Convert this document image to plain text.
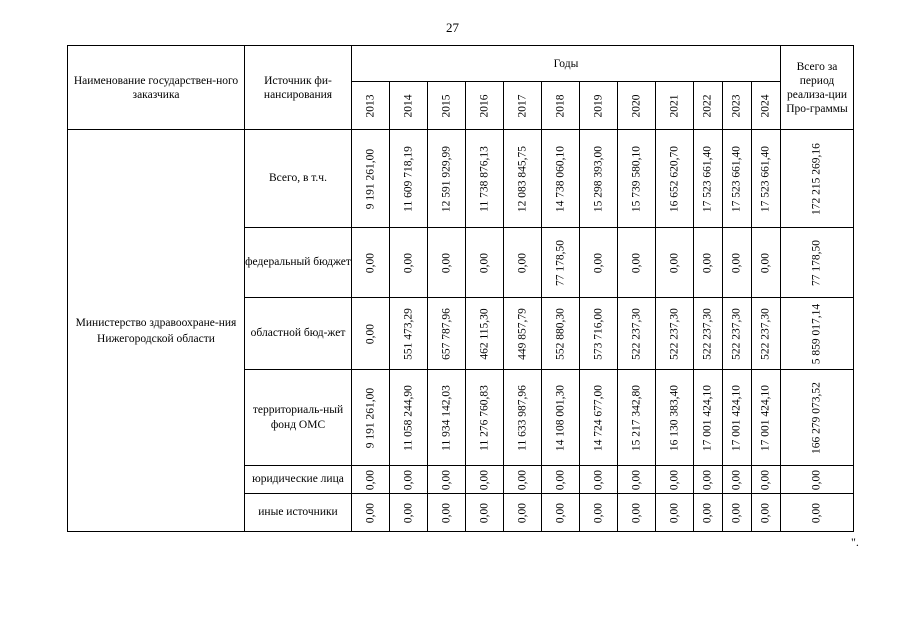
27
Наименование государствен-ного заказчика	Источник фи-нансирования	Годы												Всего за период реализа-ции Про-граммы

		2013	2014	2015	2016	2017	2018	2019	2020	2021	2022	2023	2024	

Министерство здравоохране-ния Нижегородской области	Всего, в т.ч.	9 191 261,00	11 609 718,19	12 591 929,99	11 738 876,13	12 083 845,75	14 738 060,10	15 298 393,00	15 739 580,10	16 652 620,70	17 523 661,40	17 523 661,40	17 523 661,40	172 215 269,16

	федеральный бюджет	0,00	0,00	0,00	0,00	0,00	77 178,50	0,00	0,00	0,00	0,00	0,00	0,00	77 178,50

	областной бюд-жет	0,00	551 473,29	657 787,96	462 115,30	449 857,79	552 880,30	573 716,00	522 237,30	522 237,30	522 237,30	522 237,30	522 237,30	5 859 017,14

	территориаль-ный фонд ОМС	9 191 261,00	11 058 244,90	11 934 142,03	11 276 760,83	11 633 987,96	14 108 001,30	14 724 677,00	15 217 342,80	16 130 383,40	17 001 424,10	17 001 424,10	17 001 424,10	166 279 073,52

	юридические лица	0,00	0,00	0,00	0,00	0,00	0,00	0,00	0,00	0,00	0,00	0,00	0,00	0,00

	иные источники	0,00	0,00	0,00	0,00	0,00	0,00	0,00	0,00	0,00	0,00	0,00	0,00	0,00
".
